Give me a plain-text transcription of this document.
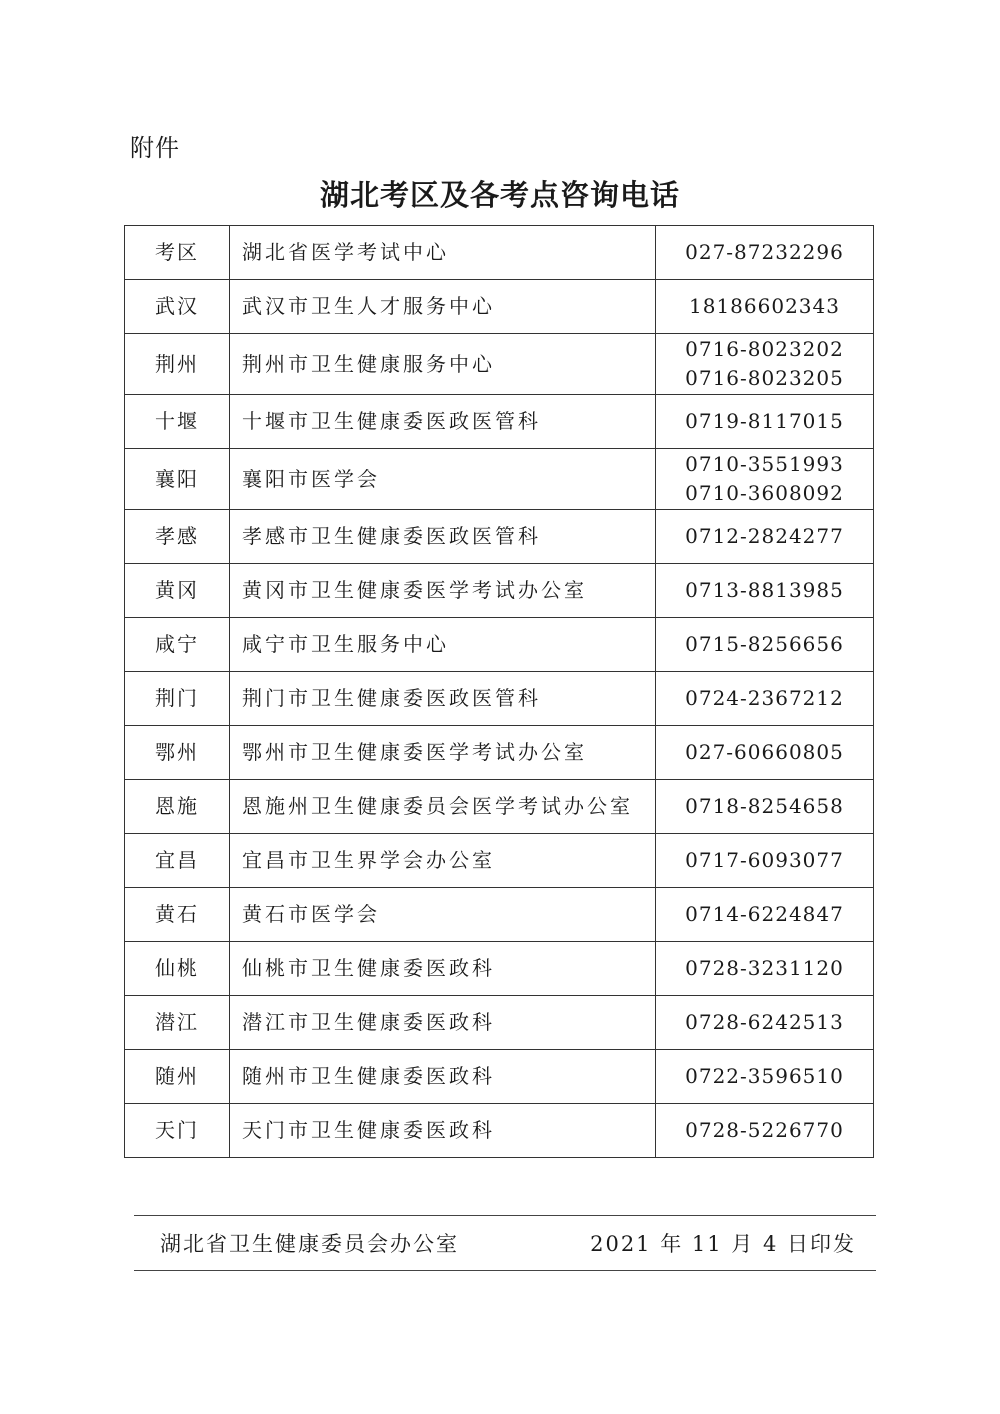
附件
湖北考区及各考点咨询电话
考区	湖北省医学考试中心	027-87232296

武汉	武汉市卫生人才服务中心	18186602343

荆州	荆州市卫生健康服务中心	0716-8023202
0716-8023205

十堰	十堰市卫生健康委医政医管科	0719-8117015

襄阳	襄阳市医学会	0710-3551993
0710-3608092

孝感	孝感市卫生健康委医政医管科	0712-2824277

黄冈	黄冈市卫生健康委医学考试办公室	0713-8813985

咸宁	咸宁市卫生服务中心	0715-8256656

荆门	荆门市卫生健康委医政医管科	0724-2367212

鄂州	鄂州市卫生健康委医学考试办公室	027-60660805

恩施	恩施州卫生健康委员会医学考试办公室	0718-8254658

宜昌	宜昌市卫生界学会办公室	0717-6093077

黄石	黄石市医学会	0714-6224847

仙桃	仙桃市卫生健康委医政科	0728-3231120

潜江	潜江市卫生健康委医政科	0728-6242513

随州	随州市卫生健康委医政科	0722-3596510

天门	天门市卫生健康委医政科	0728-5226770
湖北省卫生健康委员会办公室	2021 年 11 月 4 日印发
